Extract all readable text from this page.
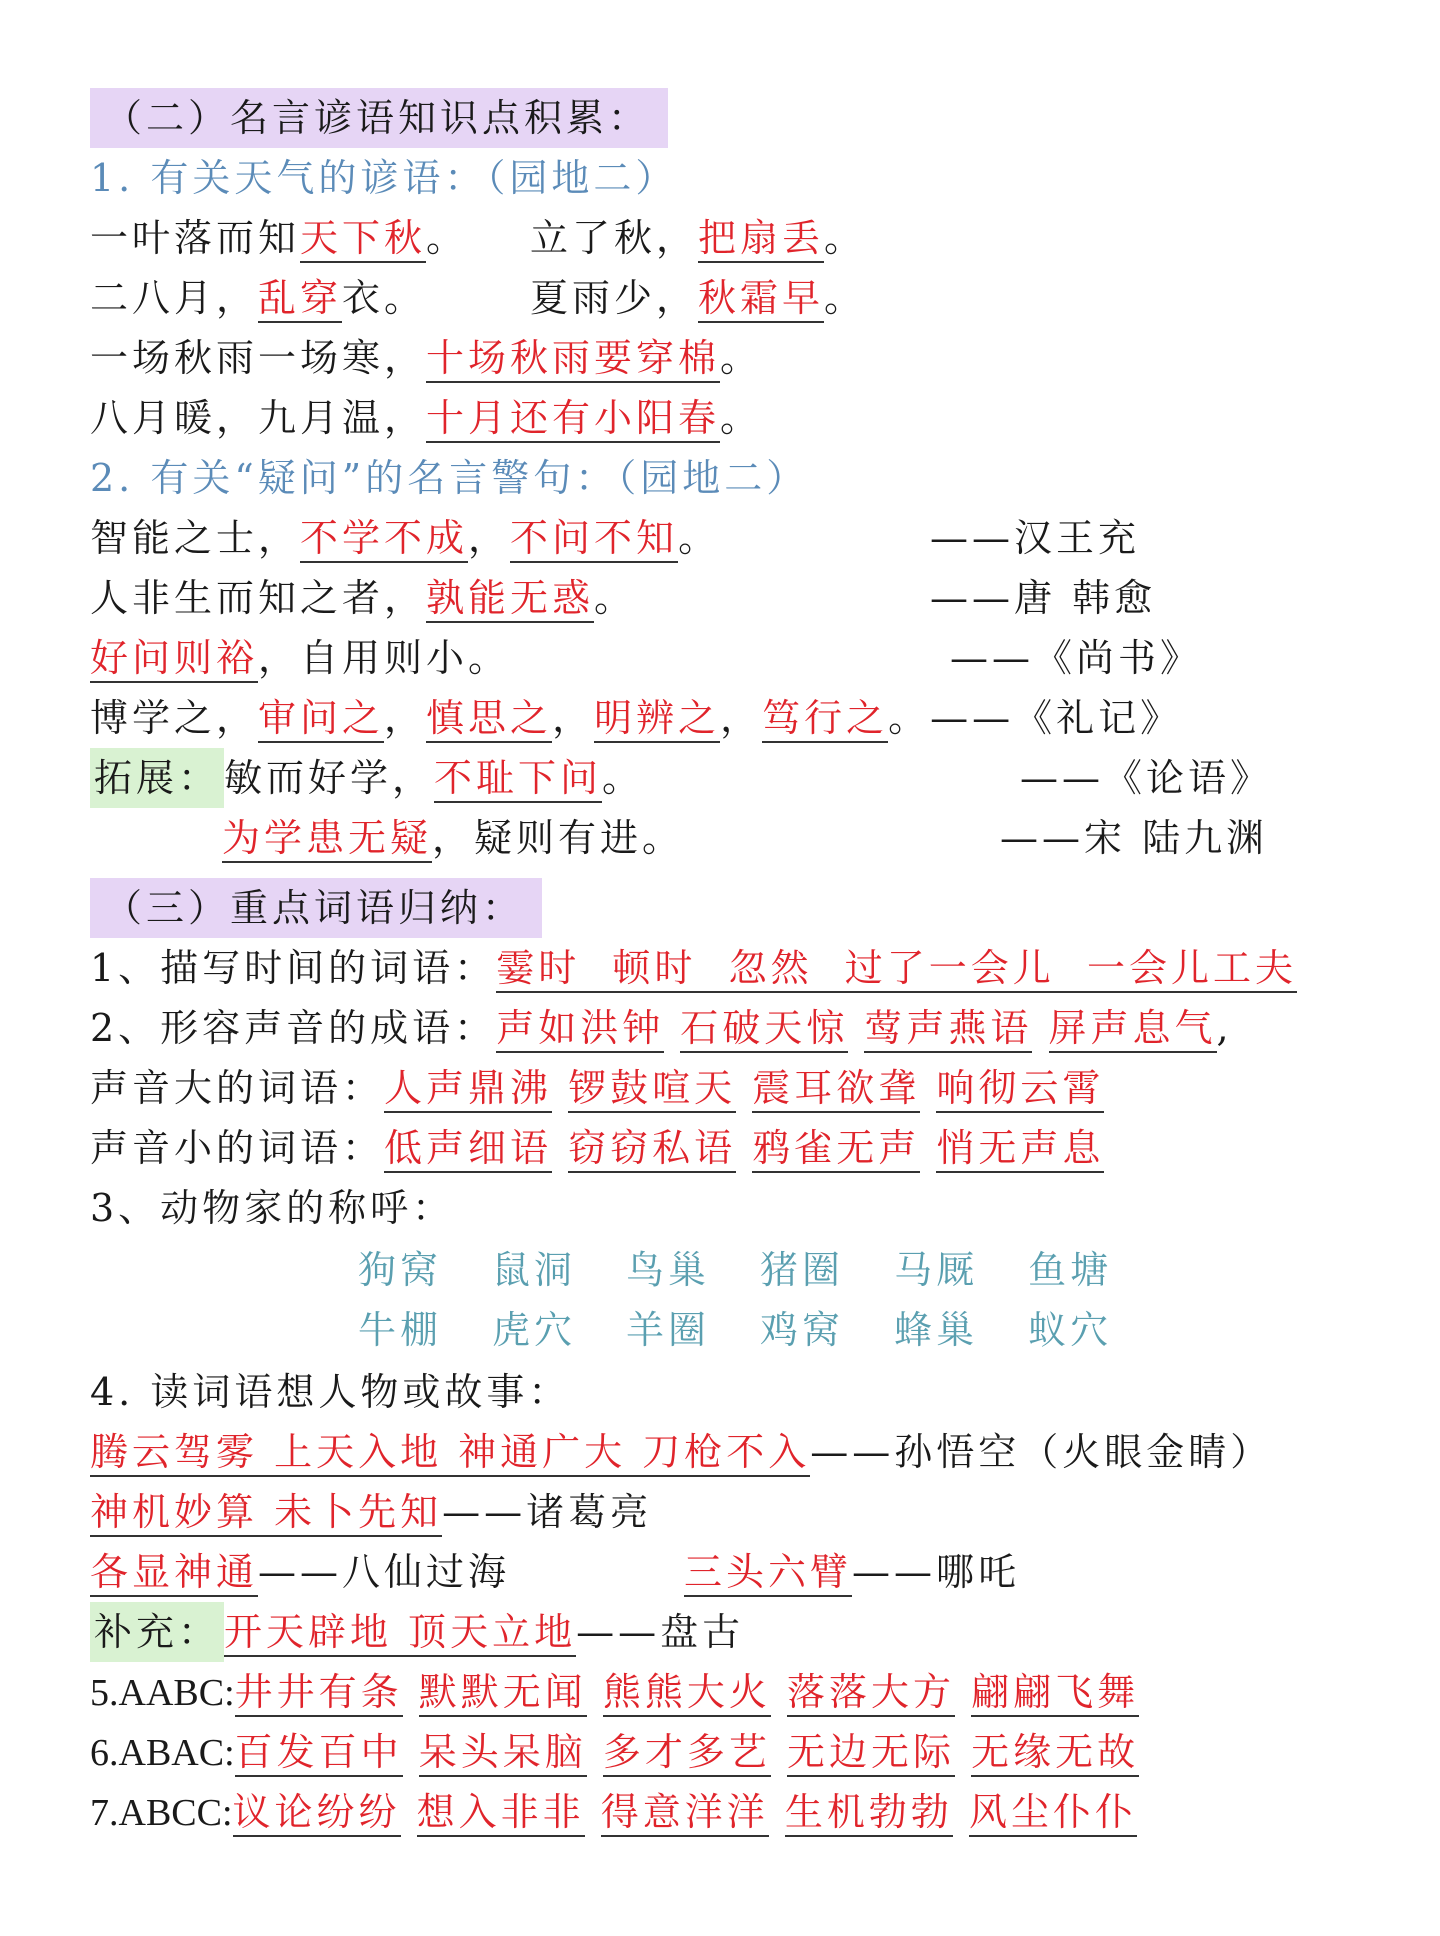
（二）名言谚语知识点积累：
1. 有关天气的谚语：（园地二）
一叶落而知天下秋。 立了秋，把扇丢。
二八月，乱穿衣。	夏雨少，秋霜早。
一场秋雨一场寒，十场秋雨要穿棉。
八月暖，九月温，十月还有小阳春。
2. 有关“疑问”的名言警句：（园地二）
智能之士，不学不成，不问不知。	——汉王充
人非生而知之者，孰能无惑。	——唐 韩愈
好问则裕，自用则小。	——《尚书》
博学之，审问之，慎思之，明辨之，笃行之。——《礼记》
拓展： 敏而好学，不耻下问。	——《论语》
为学患无疑，疑则有进。	——宋 陆九渊
（三）重点词语归纳：
1、描写时间的词语：霎时 顿时 忽然 过了一会儿 一会儿工夫
2、形容声音的成语：声如洪钟 石破天惊 莺声燕语 屏声息气,
声音大的词语：人声鼎沸 锣鼓喧天 震耳欲聋 响彻云霄
声音小的词语：低声细语 窃窃私语 鸦雀无声 悄无声息
3、动物家的称呼：
狗窝 鼠洞 鸟巢 猪圈 马厩 鱼塘
牛棚 虎穴 羊圈 鸡窝 蜂巢 蚁穴
4. 读词语想人物或故事：
腾云驾雾 上天入地 神通广大 刀枪不入——孙悟空（火眼金睛）
神机妙算 未卜先知——诸葛亮
各显神通——八仙过海	三头六臂——哪吒
补充： 开天辟地 顶天立地——盘古
5.AABC:井井有条 默默无闻 熊熊大火 落落大方 翩翩飞舞
6.ABAC:百发百中 呆头呆脑 多才多艺 无边无际 无缘无故
7.ABCC:议论纷纷 想入非非 得意洋洋 生机勃勃 风尘仆仆
